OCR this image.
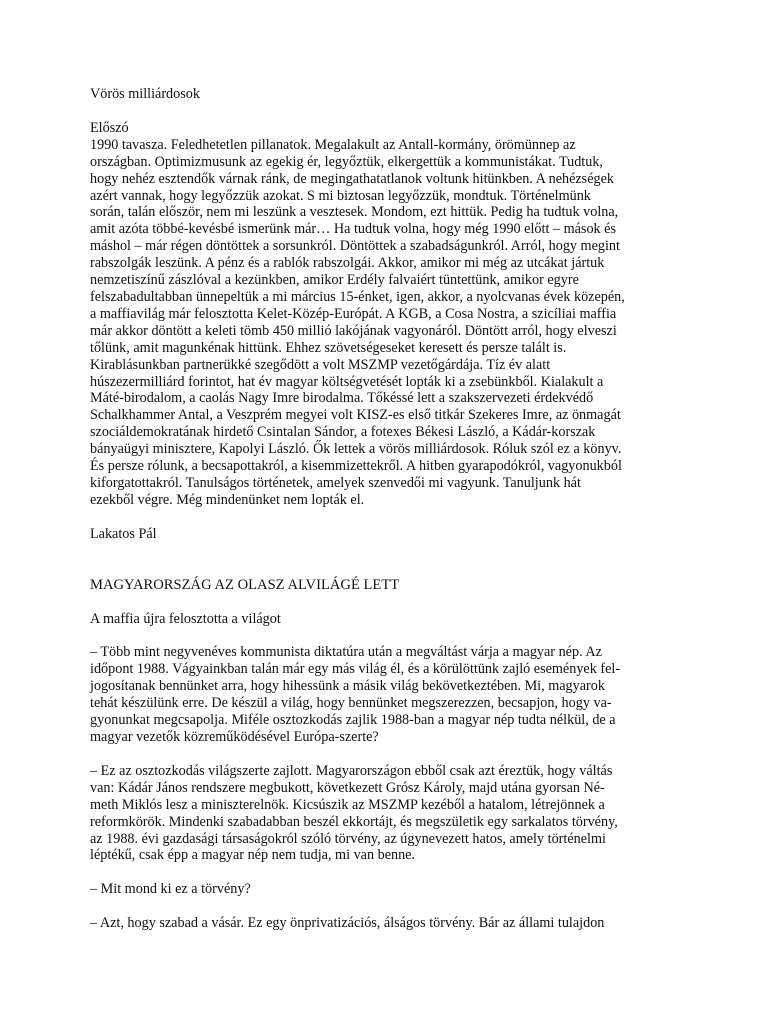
Vörös milliárdosok

Előszó

1990 tavasza. Feledhetetlen pillanatok. Megalakult az Antall-kormány, örömünnep az

országban. Optimizmusunk az egekig ér, legyőztük, elkergettük a kommunistákat. Tudtuk,

hogy nehéz esztendők várnak ránk, de megingathatatlanok voltunk hitünkben. A nehézségek

azért vannak, hogy legyőzzük azokat. S mi biztosan legyőzzük, mondtuk. Történelmünk

során, talán először, nem mi leszünk a vesztesek. Mondom, ezt hittük. Pedig ha tudtuk volna,

amit azóta többé-kevésbé ismerünk már… Ha tudtuk volna, hogy még 1990 előtt – mások és

máshol – már régen döntöttek a sorsunkról. Döntöttek a szabadságunkról. Arról, hogy megint

rabszolgák leszünk. A pénz és a rablók rabszolgái. Akkor, amikor mi még az utcákat jártuk

nemzetiszínű zászlóval a kezünkben, amikor Erdély falvaiért tüntettünk, amikor egyre

felszabadultabban ünnepeltük a mi március 15-énket, igen, akkor, a nyolcvanas évek közepén,

a maffiavilág már felosztotta Kelet-Közép-Európát. A KGB, a Cosa Nostra, a szicíliai maffia

már akkor döntött a keleti tömb 450 millió lakójának vagyonáról. Döntött arról, hogy elveszi

tőlünk, amit magunkénak hittünk. Ehhez szövetségeseket keresett és persze talált is.

Kirablásunkban partnerükké szegődött a volt MSZMP vezetőgárdája. Tíz év alatt

húszezermilliárd forintot, hat év magyar költségvetését lopták ki a zsebünkből. Kialakult a

Máté-birodalom, a caolás Nagy Imre birodalma. Tőkéssé lett a szakszervezeti érdekvédő

Schalkhammer Antal, a Veszprém megyei volt KISZ-es első titkár Szekeres Imre, az önmagát

szociáldemokratának hirdető Csintalan Sándor, a fotexes Békesi László, a Kádár-korszak

bányaügyi minisztere, Kapolyi László. Ők lettek a vörös milliárdosok. Róluk szól ez a könyv.

És persze rólunk, a becsapottakról, a kisemmizettekről. A hitben gyarapodókról, vagyonukból

kiforgatottakról. Tanulságos történetek, amelyek szenvedői mi vagyunk. Tanuljunk hát

ezekből végre. Még mindenünket nem lopták el.

Lakatos Pál

MAGYARORSZÁG AZ OLASZ ALVILÁGÉ LETT

A maffia újra felosztotta a világot

– Több mint negyvenéves kommunista diktatúra után a megváltást várja a magyar nép. Az

időpont 1988. Vágyainkban talán már egy más világ él, és a körülöttünk zajló események fel-

jogosítanak bennünket arra, hogy hihessünk a másik világ bekövetkeztében. Mi, magyarok

tehát készülünk erre. De készül a világ, hogy bennünket megszerezzen, becsapjon, hogy va-

gyonunkat megcsapolja. Miféle osztozkodás zajlik 1988-ban a magyar nép tudta nélkül, de a

magyar vezetők közreműködésével Európa-szerte?

– Ez az osztozkodás világszerte zajlott. Magyarországon ebből csak azt éreztük, hogy váltás

van: Kádár János rendszere megbukott, következett Grósz Károly, majd utána gyorsan Né-

meth Miklós lesz a miniszterelnök. Kicsúszik az MSZMP kezéből a hatalom, létrejönnek a

reformkörök. Mindenki szabadabban beszél ekkortájt, és megszületik egy sarkalatos törvény,

az 1988. évi gazdasági társaságokról szóló törvény, az úgynevezett hatos, amely történelmi

léptékű, csak épp a magyar nép nem tudja, mi van benne.

– Mit mond ki ez a törvény?

– Azt, hogy szabad a vásár. Ez egy önprivatizációs, álságos törvény. Bár az állami tulajdon
